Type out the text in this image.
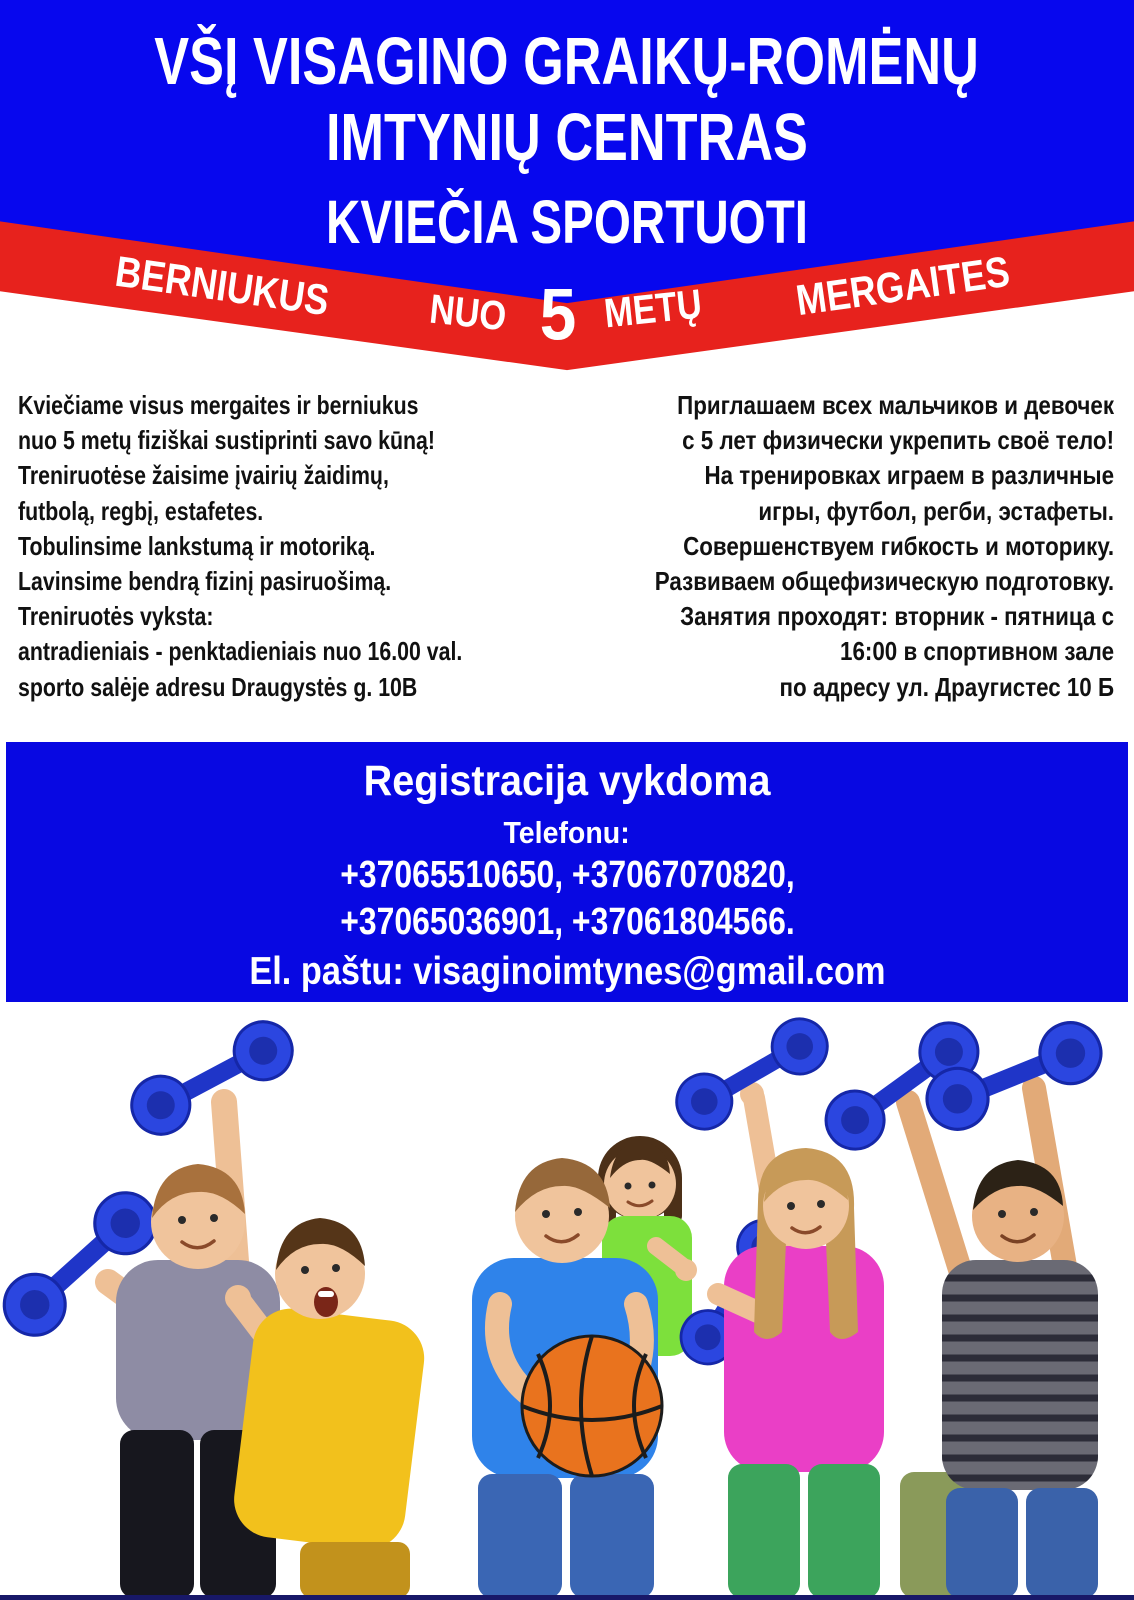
VŠĮ VISAGINO GRAIKŲ-ROMĖNŲ
IMTYNIŲ CENTRAS
KVIEČIA SPORTUOTI
BERNIUKUS	NUO 5 METŲ	MERGAITES
Kviečiame visus mergaites ir berniukus
nuo 5 metų fiziškai sustiprinti savo kūną!
Treniruotėse žaisime įvairių žaidimų,
futbolą, regbį, estafetes.
Tobulinsime lankstumą ir motoriką.
Lavinsime bendrą fizinį pasiruošimą.
Treniruotės vyksta:
antradieniais - penktadieniais nuo 16.00 val.
sporto salėje adresu Draugystės g. 10B
Приглашаем всех мальчиков и девочек
с 5 лет физически укрепить своё тело!
На тренировках играем в различные
игры, футбол, регби, эстафеты.
Совершенствуем гибкость и моторику.
Развиваем общефизическую подготовку.
Занятия проходят: вторник - пятница с
16:00 в спортивном зале
по адресу ул. Драугистес 10 Б
Registracija vykdoma
Telefonu:
+37065510650, +37067070820,
+37065036901, +37061804566.
El. paštu: visaginoimtynes@gmail.com
